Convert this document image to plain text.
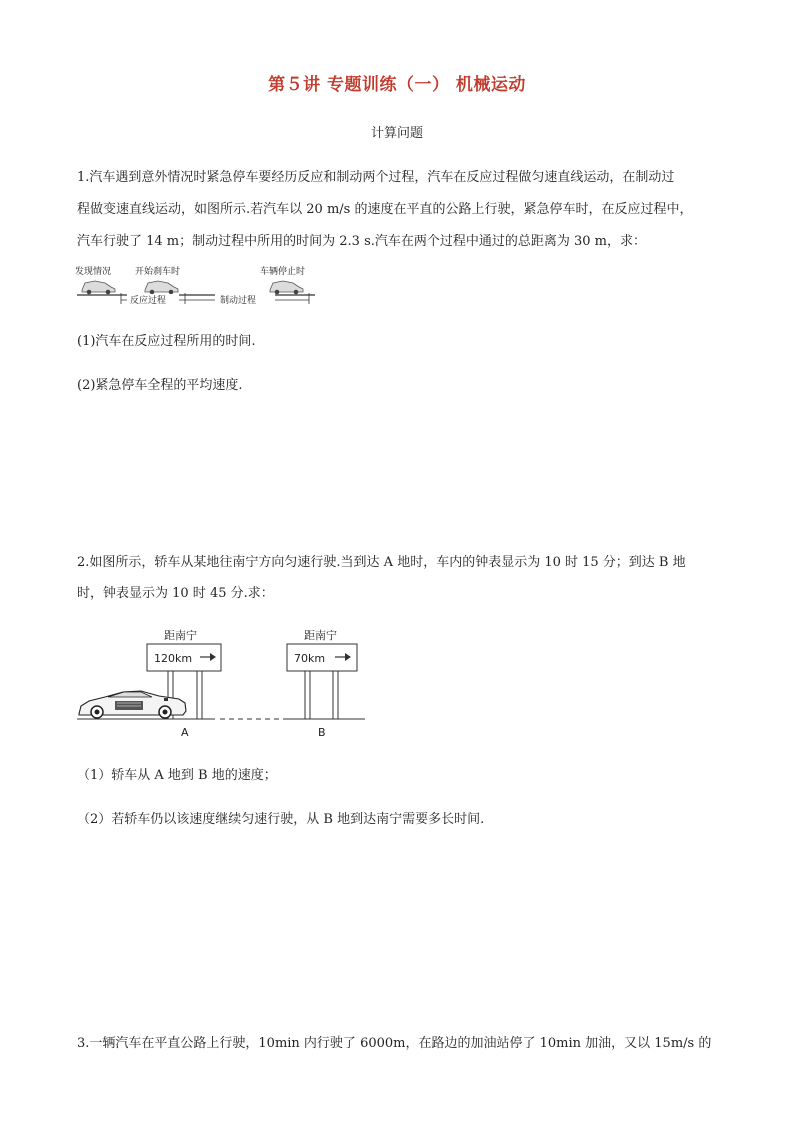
第５讲 专题训练（一） 机械运动
计算问题

1.汽车遇到意外情况时紧急停车要经历反应和制动两个过程，汽车在反应过程做匀速直线运动，在制动过

程做变速直线运动，如图所示.若汽车以 20 m/s 的速度在平直的公路上行驶，紧急停车时，在反应过程中，

汽车行驶了 14 m；制动过程中所用的时间为 2.3 s.汽车在两个过程中通过的总距离为 30 m，求：

发现情况	开始刹车时	车辆停止时
反应过程	制动过程

(1)汽车在反应过程所用的时间.

(2)紧急停车全程的平均速度.

2.如图所示，轿车从某地往南宁方向匀速行驶.当到达 A 地时，车内的钟表显示为 10 时 15 分；到达 B 地

时，钟表显示为 10 时 45 分.求：

距南宁
120km
距南宁
70km
A	B

（1）轿车从 A 地到 B 地的速度；

（2）若轿车仍以该速度继续匀速行驶，从 B 地到达南宁需要多长时间.

3.一辆汽车在平直公路上行驶，10min 内行驶了 6000m，在路边的加油站停了 10min 加油，又以 15m/s 的
